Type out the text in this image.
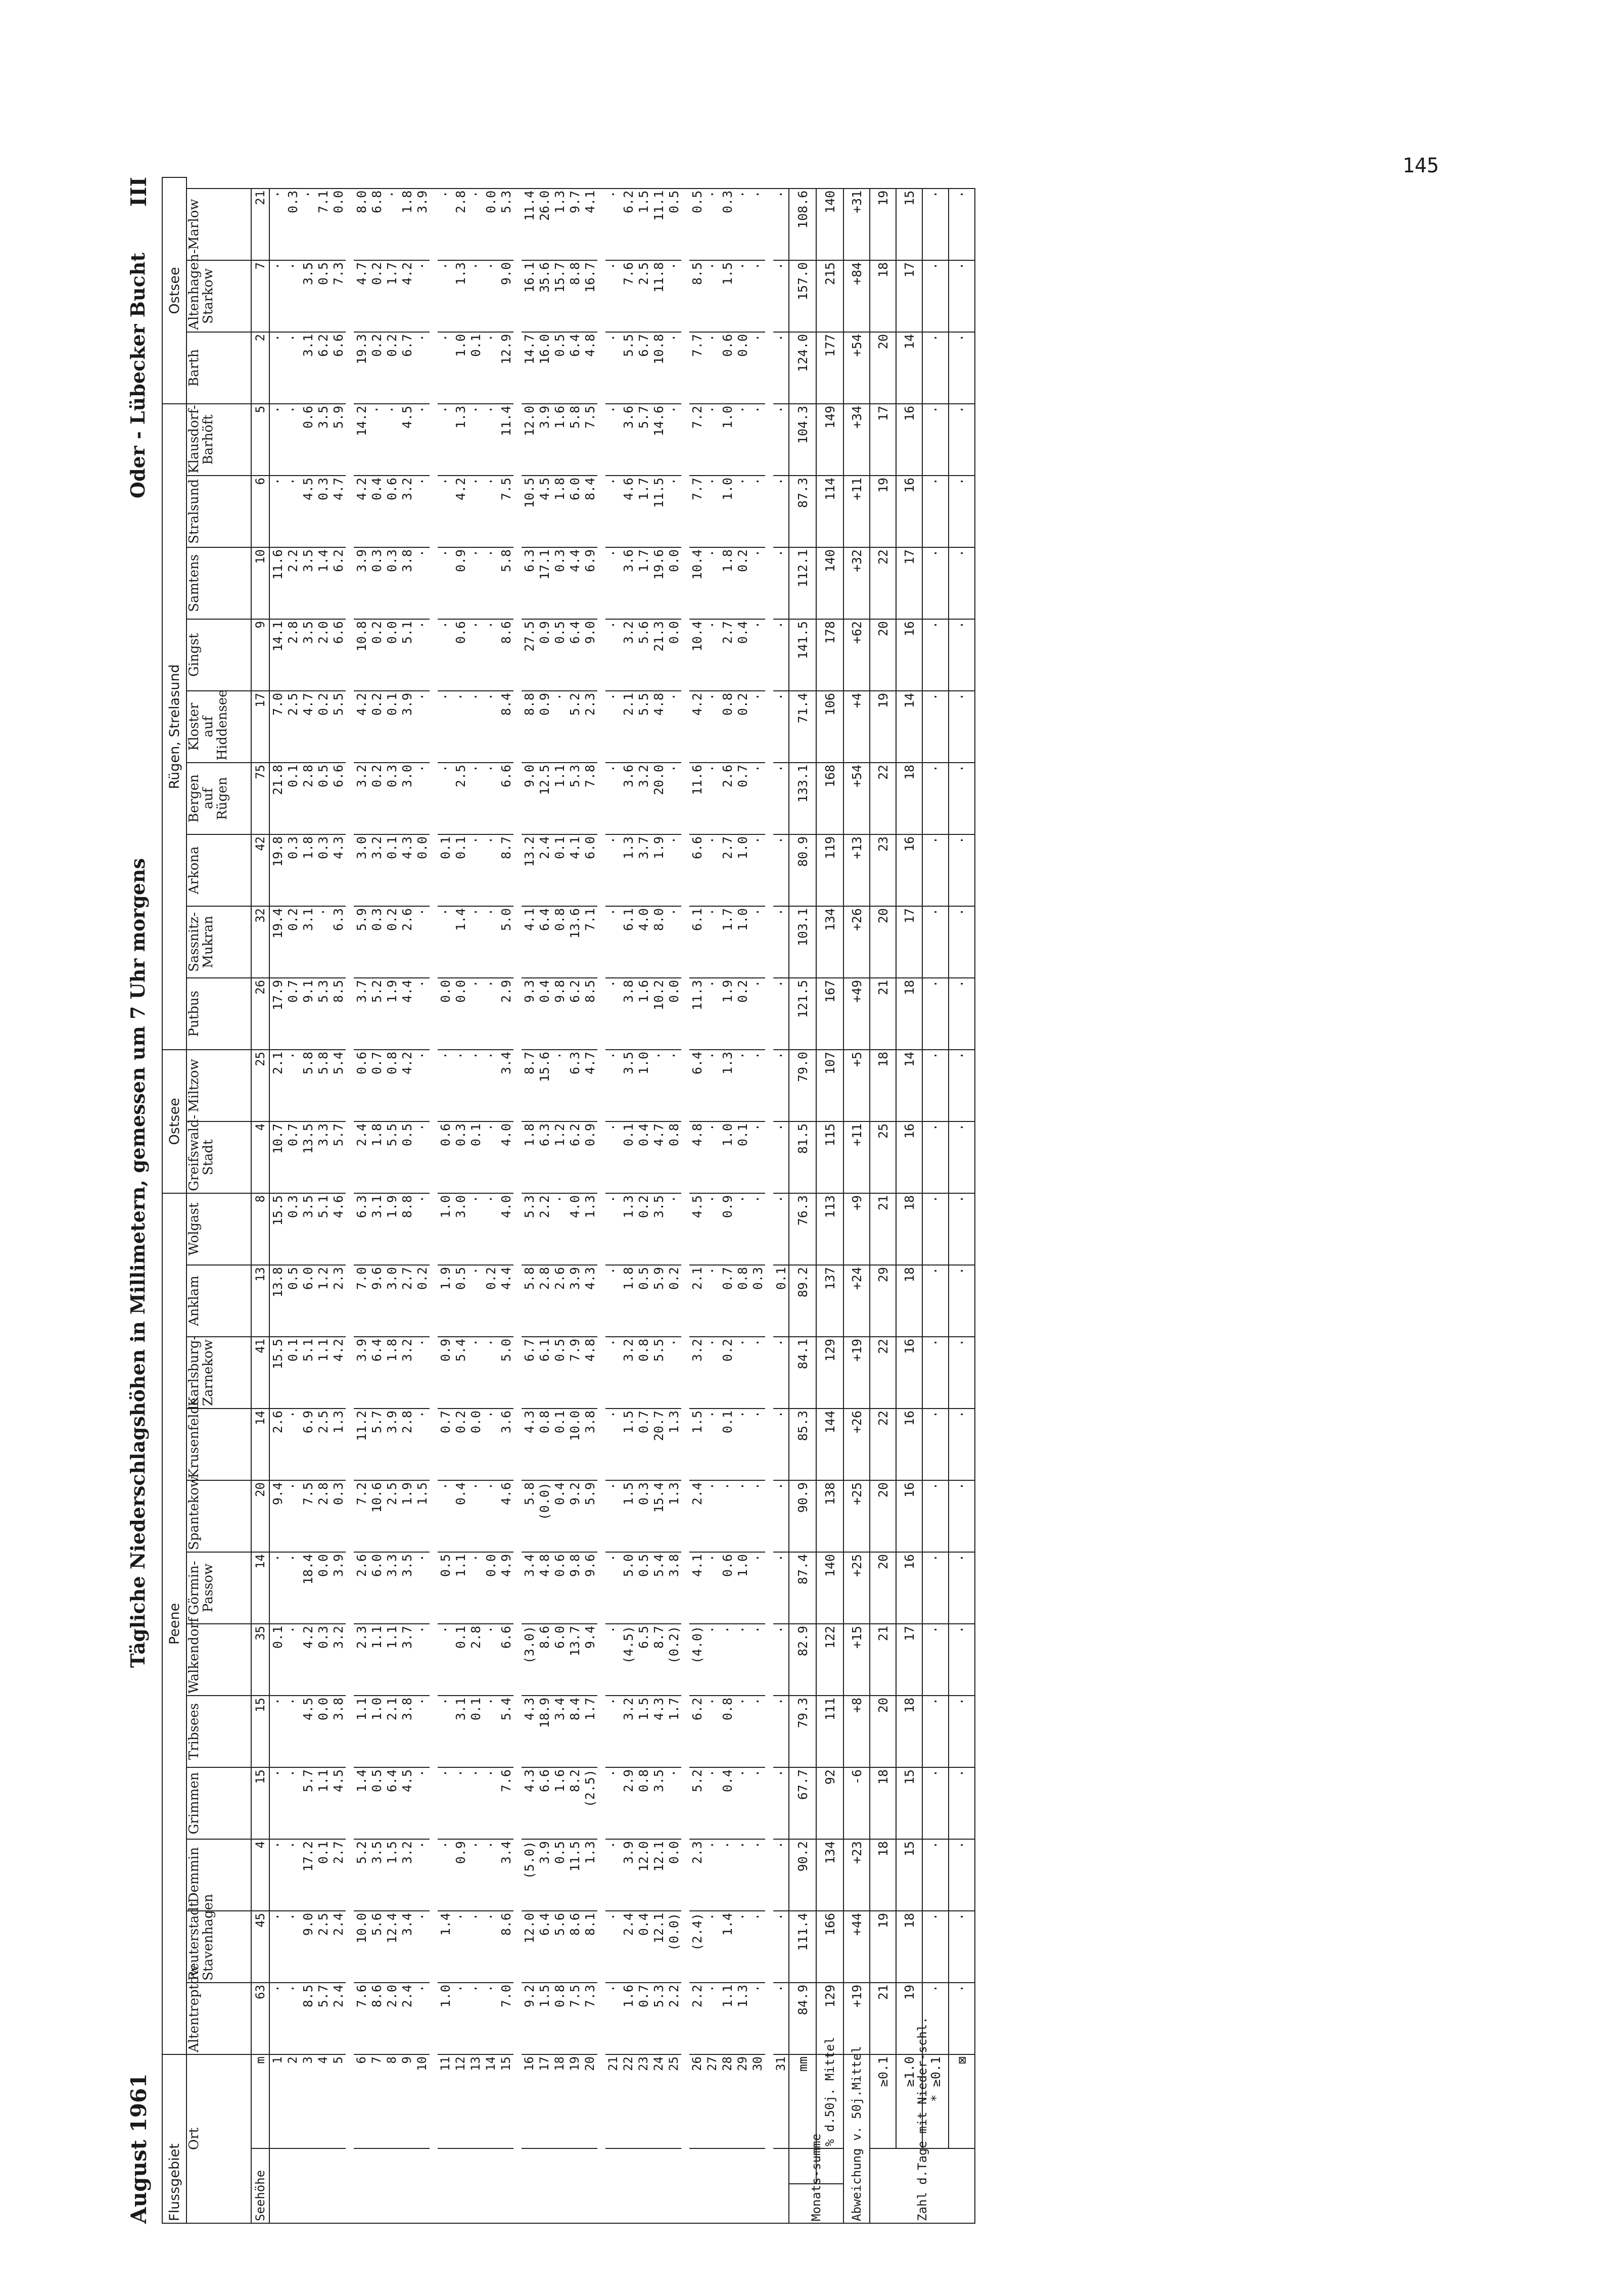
145
August 1961
Tägliche Niederschlagshöhen in Millimetern, gemessen um 7 Uhr morgens
Oder - Lübecker Bucht
III
Flussgebiet			Peene												Ostsee		Rügen, Strelasund									Ostsee		
Ort			Altentreptow	Reuterstadt Stavenhagen	Demmin	Grimmen	Tribsees	Walkendorf	Görmin-Passow	Spantekow	Krusenfelde	Karlsburg-Zarnekow	Anklam	Wolgast	Greifswald-Stadt	Miltzow	Putbus	Sassnitz-Mukran	Arkona	Bergen auf Rügen	Kloster auf Hiddensee	Gingst	Samtens	Stralsund	Klausdorf-Barhöft	Barth	Altenhagen-Starkow	Marlow
Seehöhe		m	63	45	4	15	15	35	14	20	14	41	13	8	4	25	26	32	42	75	17	9	10	6	5	2	7	21
		1	·	·	·	·	·	0.1	·	9.4	2.6	15.5	13.8	15.5	10.7	2.1	17.9	19.4	19.8	21.8	7.0	14.1	11.6	·	·	·	·	·
		2	·	·	·	·	·	·	·	·	·	0.1	0.5	0.3	0.7	·	0.7	0.2	0.3	0.1	2.5	2.8	2.2	·	·	·	·	0.3
		3	8.5	9.0	17.2	5.7	4.5	4.2	18.4	7.5	6.9	5.1	6.0	3.5	13.5	5.8	9.1	3.1	1.8	2.8	4.7	3.5	3.5	4.5	0.6	3.1	3.5	·
		4	5.7	2.5	0.1	1.1	0.0	0.3	0.0	2.8	2.5	1.1	1.2	5.1	3.3	5.8	5.3	·	0.3	0.5	0.2	2.0	1.4	0.3	3.5	6.2	0.5	7.1
		5	2.4	2.4	2.7	4.5	3.8	3.2	3.9	0.3	1.3	4.2	2.3	4.6	5.7	5.4	8.5	6.3	4.3	6.6	5.5	6.6	6.2	4.7	5.9	6.6	7.3	0.0

		6	7.6	10.0	5.2	1.4	1.1	2.3	2.6	7.2	11.2	3.9	7.0	6.3	2.4	0.6	3.7	5.9	3.0	3.2	4.2	10.8	3.9	4.2	14.2	19.3	4.7	8.0
		7	8.6	5.6	3.5	0.5	1.0	1.1	6.0	10.6	5.7	6.4	9.6	3.1	1.8	0.7	5.2	0.3	3.2	0.2	0.2	0.2	0.3	0.4	·	0.2	0.2	6.8
		8	2.0	12.4	1.5	6.4	2.1	1.1	3.3	2.5	3.9	1.8	3.0	1.9	5.5	0.8	1.9	0.2	0.1	0.3	0.1	0.0	0.3	0.6	·	0.2	1.7	·
		9	2.4	3.4	3.2	4.5	3.8	3.7	3.5	1.9	2.8	3.2	2.7	8.8	0.5	4.2	4.4	2.6	4.3	3.0	3.9	5.1	3.8	3.2	4.5	6.7	4.2	1.8
		10	·	·	·	·	·	·	·	1.5	·	·	0.2	·	·	·	·	·	0.0	·	·	·	·	·	·	·	·	3.9

		11	1.0	1.4	·	·	·	·	0.5	·	0.7	0.9	1.9	1.0	0.6	·	0.0	·	0.1	·	·	·	·	·	·	·	·	·
		12	·	·	0.9	·	3.1	0.1	1.1	0.4	0.2	5.4	0.5	3.0	0.3	·	0.0	1.4	0.1	2.5	·	0.6	0.9	4.2	1.3	1.0	1.3	2.8
		13	·	·	·	·	0.1	2.8	·	·	0.0	·	·	·	0.1	·	·	·	·	·	·	·	·	·	·	0.1	·	·
		14	·	·	·	·	·	·	0.0	·	·	·	0.2	·	·	·	·	·	·	·	·	·	·	·	·	·	·	0.0
		15	7.0	8.6	3.4	7.6	5.4	6.6	4.9	4.6	3.6	5.0	4.4	4.0	4.0	3.4	2.9	5.0	8.7	6.6	8.4	8.6	5.8	7.5	11.4	12.9	9.0	5.3

		16	9.2	12.0	(5.0)	4.3	4.3	(3.0)	3.4	5.8	4.3	6.7	5.8	5.3	1.8	8.7	9.3	4.1	13.2	9.0	8.8	27.5	6.3	10.5	12.0	14.7	16.1	11.4
		17	1.5	6.4	3.9	6.6	18.9	8.6	4.8	(0.0)	0.8	6.1	2.8	2.2	6.3	15.6	0.4	6.4	2.4	12.5	0.9	0.9	17.1	4.5	3.9	16.0	35.6	26.0
		18	0.8	5.6	0.5	1.6	3.4	6.0	0.6	0.4	0.1	0.5	2.6	·	1.2	·	9.8	0.8	0.1	1.1	·	0.5	0.3	1.8	1.6	0.5	15.7	1.3
		19	7.5	8.6	11.5	8.2	8.4	13.7	9.8	9.2	10.0	7.9	3.9	4.0	6.2	6.3	6.2	13.6	4.1	5.3	5.2	6.4	4.4	6.0	5.8	6.4	8.8	9.7
		20	7.3	8.1	1.3	(2.5)	1.7	9.4	9.6	5.9	3.8	4.8	4.3	1.3	0.9	4.7	8.5	7.1	6.0	7.8	2.3	9.0	6.9	8.4	7.5	4.8	16.7	4.1

		21	·	·	·	·	·	·	·	·	·	·	·	·	·	·	·	·	·	·	·	·	·	·	·	·	·	·
		22	1.6	2.4	3.9	2.9	3.2	(4.5)	5.0	1.5	1.5	3.2	1.8	1.3	0.1	3.5	3.8	6.1	1.3	3.6	2.1	3.2	3.6	4.6	3.6	5.5	7.6	6.2
		23	0.7	0.4	12.0	0.8	1.5	6.5	0.5	0.3	0.7	0.8	0.5	0.2	0.4	1.0	1.6	4.0	3.7	3.2	5.5	5.6	1.7	1.7	5.7	6.7	2.5	1.5
		24	5.3	12.1	12.1	3.5	4.3	8.7	5.4	15.4	20.7	5.5	5.9	3.5	4.7	·	10.2	8.0	1.9	20.0	4.8	21.3	19.6	11.5	14.6	10.8	11.8	11.1
		25	2.2	(0.0)	0.0	·	1.7	(0.2)	3.8	1.3	1.3	·	0.2	·	0.8	·	0.0	·	·	·	·	0.0	0.0	·	·	·	·	0.5

		26	2.2	(2.4)	2.3	5.2	6.2	(4.0)	4.1	2.4	1.5	3.2	2.1	4.5	4.8	6.4	11.3	6.1	6.6	11.6	4.2	10.4	10.4	7.7	7.2	7.7	8.5	0.5
		27	·	·	·	·	·	·	·	·	·	·	·	·	·	·	·	·	·	·	·	·	·	·	·	·	·	·
		28	1.1	1.4	·	0.4	0.8	·	0.6	·	0.1	0.2	0.7	0.9	1.0	1.3	1.9	1.7	2.7	2.6	0.8	2.7	1.8	1.0	1.0	0.6	1.5	0.3
		29	1.3	·	·	·	·	·	1.0	·	·	·	0.8	·	0.1	·	0.2	1.0	1.0	0.7	0.2	0.4	0.2	·	·	0.0	·	·
		30	·	·	·	·	·	·	·	·	·	·	0.3	·	·	·	·	·	·	·	·	·	·	·	·	·	·	·

		31	·	·	·	·	·	·	·	·	·	·	0.1	·	·	·	·	·	·	·	·	·	·	·	·	·	·	·
Monats-summe		mm	84.9	111.4	90.2	67.7	79.3	82.9	87.4	90.9	85.3	84.1	89.2	76.3	81.5	79.0	121.5	103.1	80.9	133.1	71.4	141.5	112.1	87.3	104.3	124.0	157.0	108.6
		% d.50j. Mittel	129	166	134	92	111	122	140	138	144	129	137	113	115	107	167	134	119	168	106	178	140	114	149	177	215	140
Abweichung v. 50j.Mittel			+19	+44	+23	-6	+8	+15	+25	+25	+26	+19	+24	+9	+11	+5	+49	+26	+13	+54	+4	+62	+32	+11	+34	+54	+84	+31
Zahl d.Tage mit Nieder-schl.		≥0.1	21	19	18	18	20	21	20	20	22	22	29	21	25	18	21	20	23	22	19	20	22	19	17	20	18	19
		≥1.0	19	18	15	15	18	17	16	16	16	16	18	18	16	14	18	17	16	18	14	16	17	16	16	14	17	15
		* ≥0.1	·	·	·	·	·	·	·	·	·	·	·	·	·	·	·	·	·	·	·	·	·	·	·	·	·	·
		⊠	·	·	·	·	·	·	·	·	·	·	·	·	·	·	·	·	·	·	·	·	·	·	·	·	·	·
